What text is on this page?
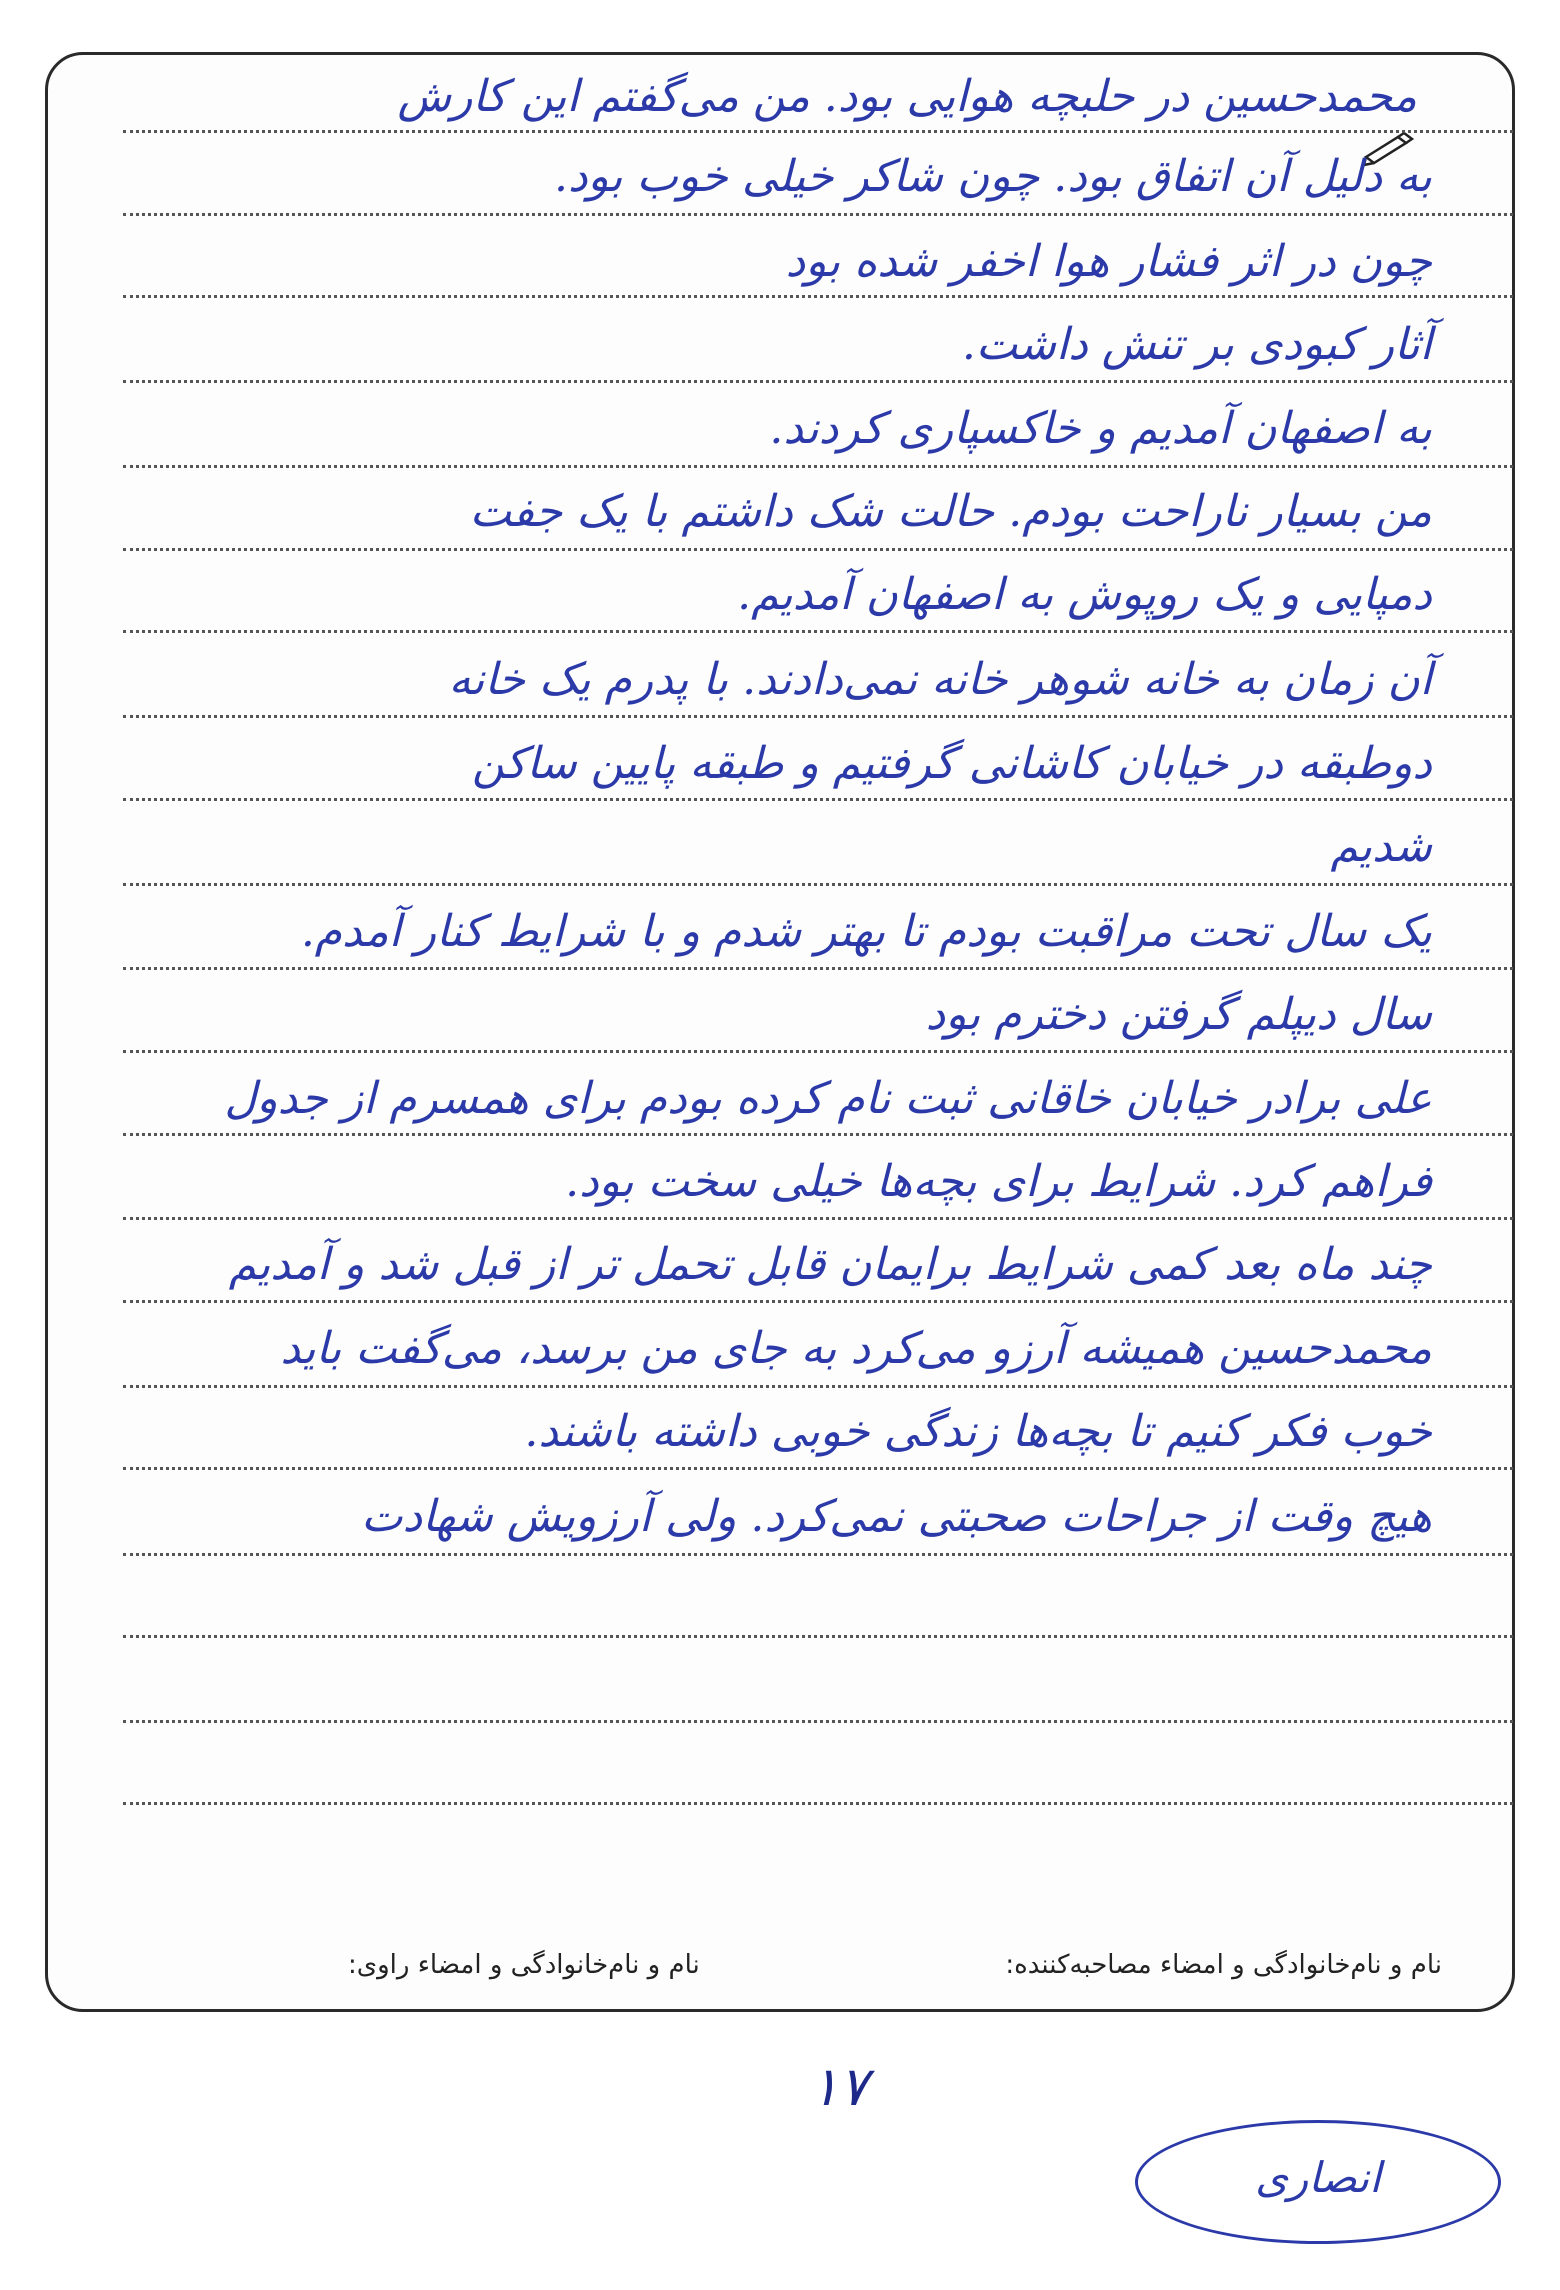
محمدحسین در حلبچه هوایی بود. من می‌گفتم این کارش
به دلیل آن اتفاق بود. چون شاکر خیلی خوب بود.
چون در اثر فشار هوا اخفر شده بود
آثار کبودی بر تنش داشت.
به اصفهان آمدیم و خاکسپاری کردند.
من بسیار ناراحت بودم. حالت شک داشتم با یک جفت
دمپایی و یک روپوش به اصفهان آمدیم.
آن زمان به خانه شوهر خانه نمی‌دادند. با پدرم یک خانه
دوطبقه در خیابان کاشانی گرفتیم و طبقه پایین ساکن
شدیم
یک سال تحت مراقبت بودم تا بهتر شدم و با شرایط کنار آمدم.
سال دیپلم گرفتن دخترم بود
علی برادر خیابان خاقانی ثبت نام کرده بودم برای همسرم از جدول
فراهم کرد. شرایط برای بچه‌ها خیلی سخت بود.
چند ماه بعد کمی شرایط برایمان قابل تحمل تر از قبل شد و آمدیم
محمدحسین همیشه آرزو می‌کرد به جای من برسد، می‌گفت باید
خوب فکر کنیم تا بچه‌ها زندگی خوبی داشته باشند.
هیچ وقت از جراحات صحبتی نمی‌کرد. ولی آرزویش شهادت
نام و نام‌خانوادگی و امضاء مصاحبه‌کننده:
نام و نام‌خانوادگی و امضاء راوی:
۱۷
انصاری
